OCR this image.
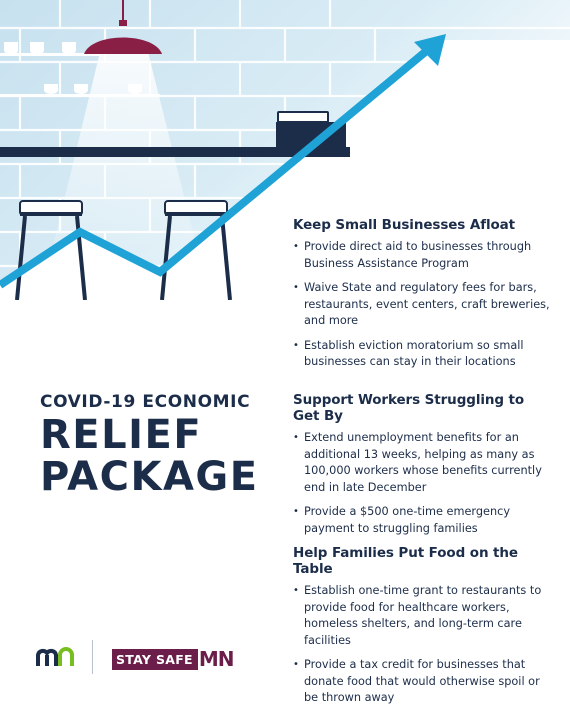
Keep Small Businesses Afloat
• Provide direct aid to businesses through Business Assistance Program
• Waive State and regulatory fees for bars, restaurants, event centers, craft breweries, and more
• Establish eviction moratorium so small businesses can stay in their locations
Support Workers Struggling to Get By
• Extend unemployment benefits for an additional 13 weeks, helping as many as 100,000 workers whose benefits currently end in late December
• Provide a $500 one-time emergency payment to struggling families
Help Families Put Food on the Table
• Establish one-time grant to restaurants to provide food for healthcare workers, homeless shelters, and long-term care facilities
• Provide a tax credit for businesses that donate food that would otherwise spoil or be thrown away
COVID-19 ECONOMIC
RELIEF
PACKAGE
STAY SAFE MN
